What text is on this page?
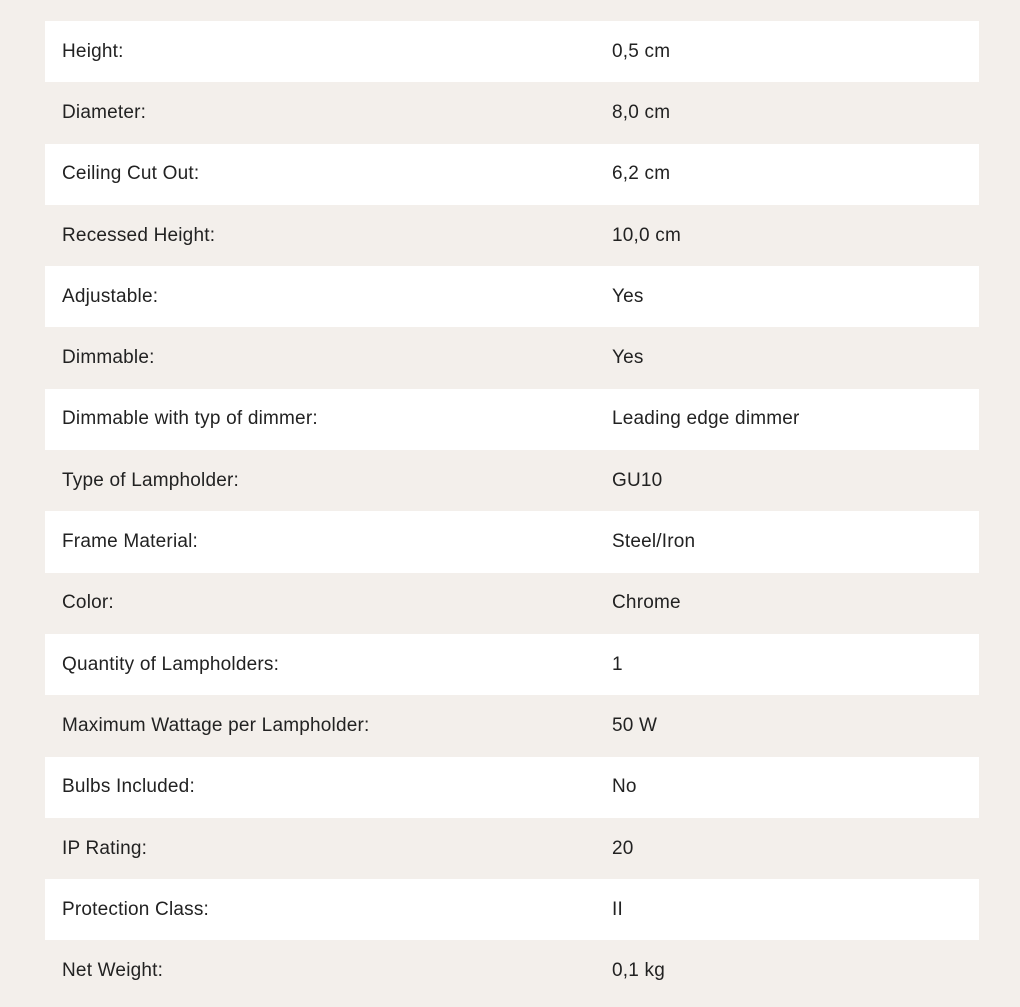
Height:	0,5 cm
Diameter:	8,0 cm
Ceiling Cut Out:	6,2 cm
Recessed Height:	10,0 cm
Adjustable:	Yes
Dimmable:	Yes
Dimmable with typ of dimmer:	Leading edge dimmer
Type of Lampholder:	GU10
Frame Material:	Steel/Iron
Color:	Chrome
Quantity of Lampholders:	1
Maximum Wattage per Lampholder:	50 W
Bulbs Included:	No
IP Rating:	20
Protection Class:	II
Net Weight:	0,1 kg
